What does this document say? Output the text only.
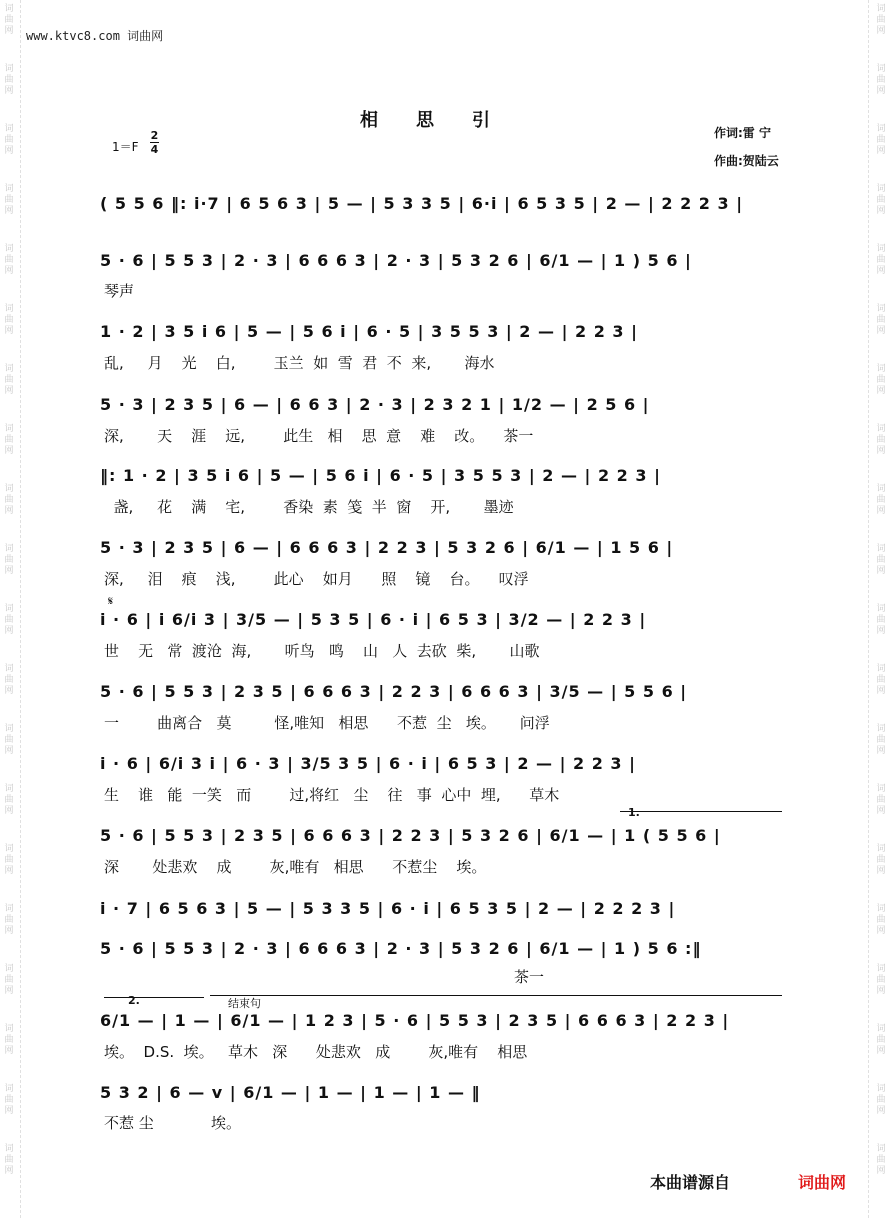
词
曲
网
词
曲
网
词
曲
网
词
曲
网
词
曲
网
词
曲
网
词
曲
网
词
曲
网
词
曲
网
词
曲
网
词
曲
网
词
曲
网
词
曲
网
词
曲
网
词
曲
网
词
曲
网
词
曲
网
词
曲
网
词
曲
网
词
曲
网
词
曲
网
词
曲
网
词
曲
网
词
曲
网
词
曲
网
词
曲
网
词
曲
网
词
曲
网
词
曲
网
词
曲
网
词
曲
网
词
曲
网
词
曲
网
词
曲
网
词
曲
网
词
曲
网
词
曲
网
词
曲
网
词
曲
网
词
曲
网
www.ktvc8.com 词曲网
相思引
1＝F
2
4
作词:雷 宁
作曲:贺陆云
𝄋
1.
2.	结束句
( 5 5 6 ‖: i·7 | 6 5 6 3 | 5 — | 5 3 3 5 | 6·i | 6 5 3 5 | 2 — | 2 2 2 3 |
5 · 6 | 5 5 3 | 2 · 3 | 6 6 6 3 | 2 · 3 | 5 3 2 6 | 6/1 — | 1 ) 5 6 |
琴声
1 · 2 | 3 5 i 6 | 5 — | 5 6 i | 6 · 5 | 3 5 5 3 | 2 — | 2 2 3 |
乱,     月    光    白,        玉兰  如  雪  君  不  来,       海水
5 · 3 | 2 3 5 | 6 — | 6 6 3 | 2 · 3 | 2 3 2 1 | 1/2 — | 2 5 6 |
深,       天    涯    远,        此生   相    思  意    难    改。    茶一
‖: 1 · 2 | 3 5 i 6 | 5 — | 5 6 i | 6 · 5 | 3 5 5 3 | 2 — | 2 2 3 |
盏,     花    满    宅,        香染  素  笺  半  窗    开,       墨迹
5 · 3 | 2 3 5 | 6 — | 6 6 6 3 | 2 2 3 | 5 3 2 6 | 6/1 — | 1 5 6 |
深,     泪    痕    浅,        此心    如月      照    镜    台。    叹浮
i · 6 | i 6/i 3 | 3/5 — | 5 3 5 | 6 · i | 6 5 3 | 3/2 — | 2 2 3 |
世    无   常  渡沧  海,       听鸟   鸣    山   人  去砍  柴,       山歌
5 · 6 | 5 5 3 | 2 3 5 | 6 6 6 3 | 2 2 3 | 6 6 6 3 | 3/5 — | 5 5 6 |
一        曲离合   莫         怪,唯知   相思      不惹  尘   埃。     问浮
i · 6 | 6/i 3 i | 6 · 3 | 3/5 3 5 | 6 · i | 6 5 3 | 2 — | 2 2 3 |
生    谁   能  一笑   而        过,将红   尘    往   事  心中  埋,      草木
5 · 6 | 5 5 3 | 2 3 5 | 6 6 6 3 | 2 2 3 | 5 3 2 6 | 6/1 — | 1 ( 5 5 6 |
深       处悲欢    成        灰,唯有   相思      不惹尘    埃。
i · 7 | 6 5 6 3 | 5 — | 5 3 3 5 | 6 · i | 6 5 3 5 | 2 — | 2 2 2 3 |
5 · 6 | 5 5 3 | 2 · 3 | 6 6 6 3 | 2 · 3 | 5 3 2 6 | 6/1 — | 1 ) 5 6 :‖
茶一
6/1 — | 1 — | 6/1 — | 1 2 3 | 5 · 6 | 5 5 3 | 2 3 5 | 6 6 6 3 | 2 2 3 |
埃。  D.S.  埃。   草木   深      处悲欢   成        灰,唯有    相思
5 3 2 | 6 — v | 6/1 — | 1 — | 1 — | 1 — ‖
不惹 尘            埃。
本曲谱源自	词曲网
